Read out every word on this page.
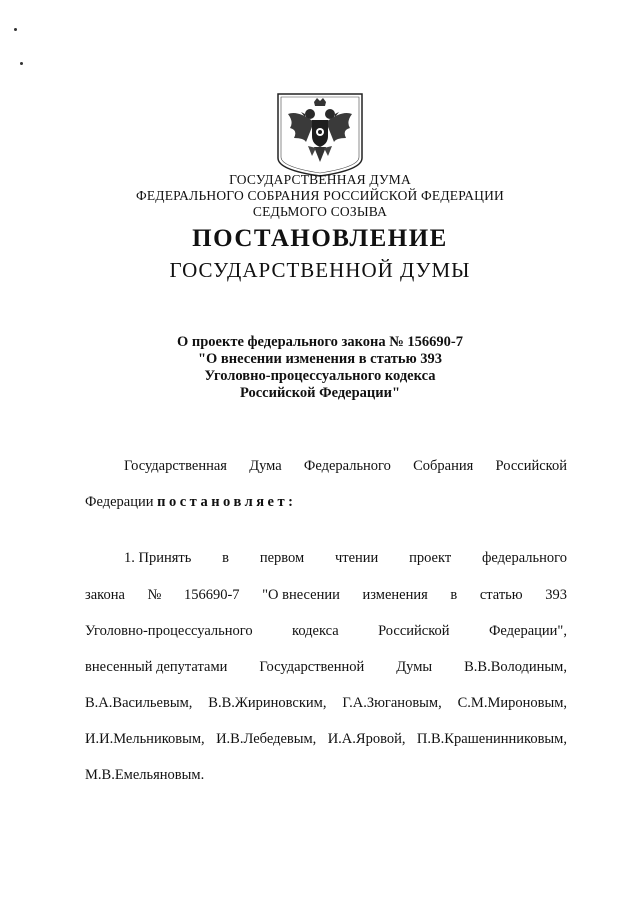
ГОСУДАРСТВЕННАЯ ДУМА
ФЕДЕРАЛЬНОГО СОБРАНИЯ РОССИЙСКОЙ ФЕДЕРАЦИИ
СЕДЬМОГО СОЗЫВА
ПОСТАНОВЛЕНИЕ
ГОСУДАРСТВЕННОЙ ДУМЫ
О проекте федерального закона № 156690-7
"О внесении изменения в статью 393
Уголовно-процессуального кодекса
Российской Федерации"
Государственная Дума Федерального Собрания Российской
Федерации постановляет:
1. Принять в первом чтении проект федерального
закона № 156690-7 "О внесении изменения в статью 393
Уголовно-процессуального	кодекса	Российской	Федерации",
внесенный депутатами Государственной Думы В.В.Володиным,
В.А.Васильевым, В.В.Жириновским, Г.А.Зюгановым, С.М.Мироновым,
И.И.Мельниковым, И.В.Лебедевым, И.А.Яровой, П.В.Крашенинниковым,
М.В.Емельяновым.
